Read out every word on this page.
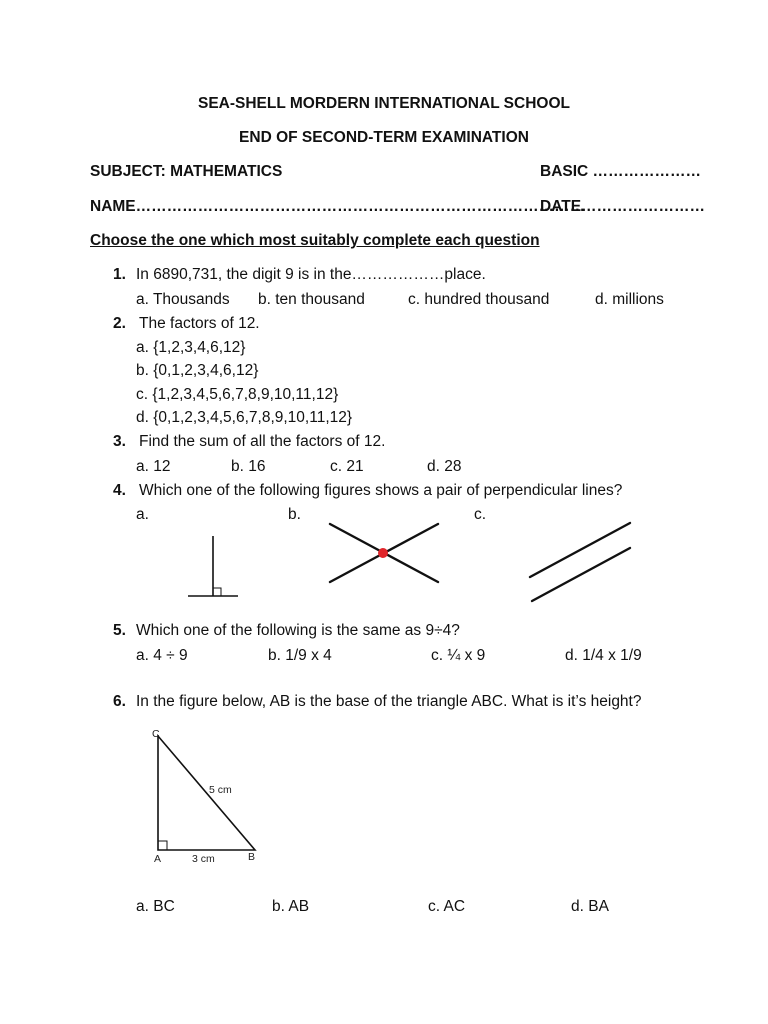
SEA-SHELL MORDERN INTERNATIONAL SCHOOL
END OF SECOND-TERM EXAMINATION
SUBJECT: MATHEMATICS	BASIC …………………
NAME……………………………………………………………………………
DATE……………………
Choose the one which most suitably complete each question
1. In 6890,731, the digit 9 is in the………………place.
a. Thousands b. ten thousand	c. hundred thousand	d. millions
2. The factors of 12.
a. {1,2,3,4,6,12}
b. {0,1,2,3,4,6,12}
c. {1,2,3,4,5,6,7,8,9,10,11,12}
d. {0,1,2,3,4,5,6,7,8,9,10,11,12}
3. Find the sum of all the factors of 12.
a. 12	b. 16	c. 21	d. 28
4. Which one of the following figures shows a pair of perpendicular lines?
a.	b.	c.
5. Which one of the following is the same as 9÷4?
a. 4 ÷ 9	b. 1/9 x 4	c. ¼ x 9	d. 1/4 x 1/9
6. In the figure below, AB is the base of the triangle ABC. What is it’s height?
C
A	B
5 cm
3 cm
a. BC	b. AB	c. AC	d. BA
